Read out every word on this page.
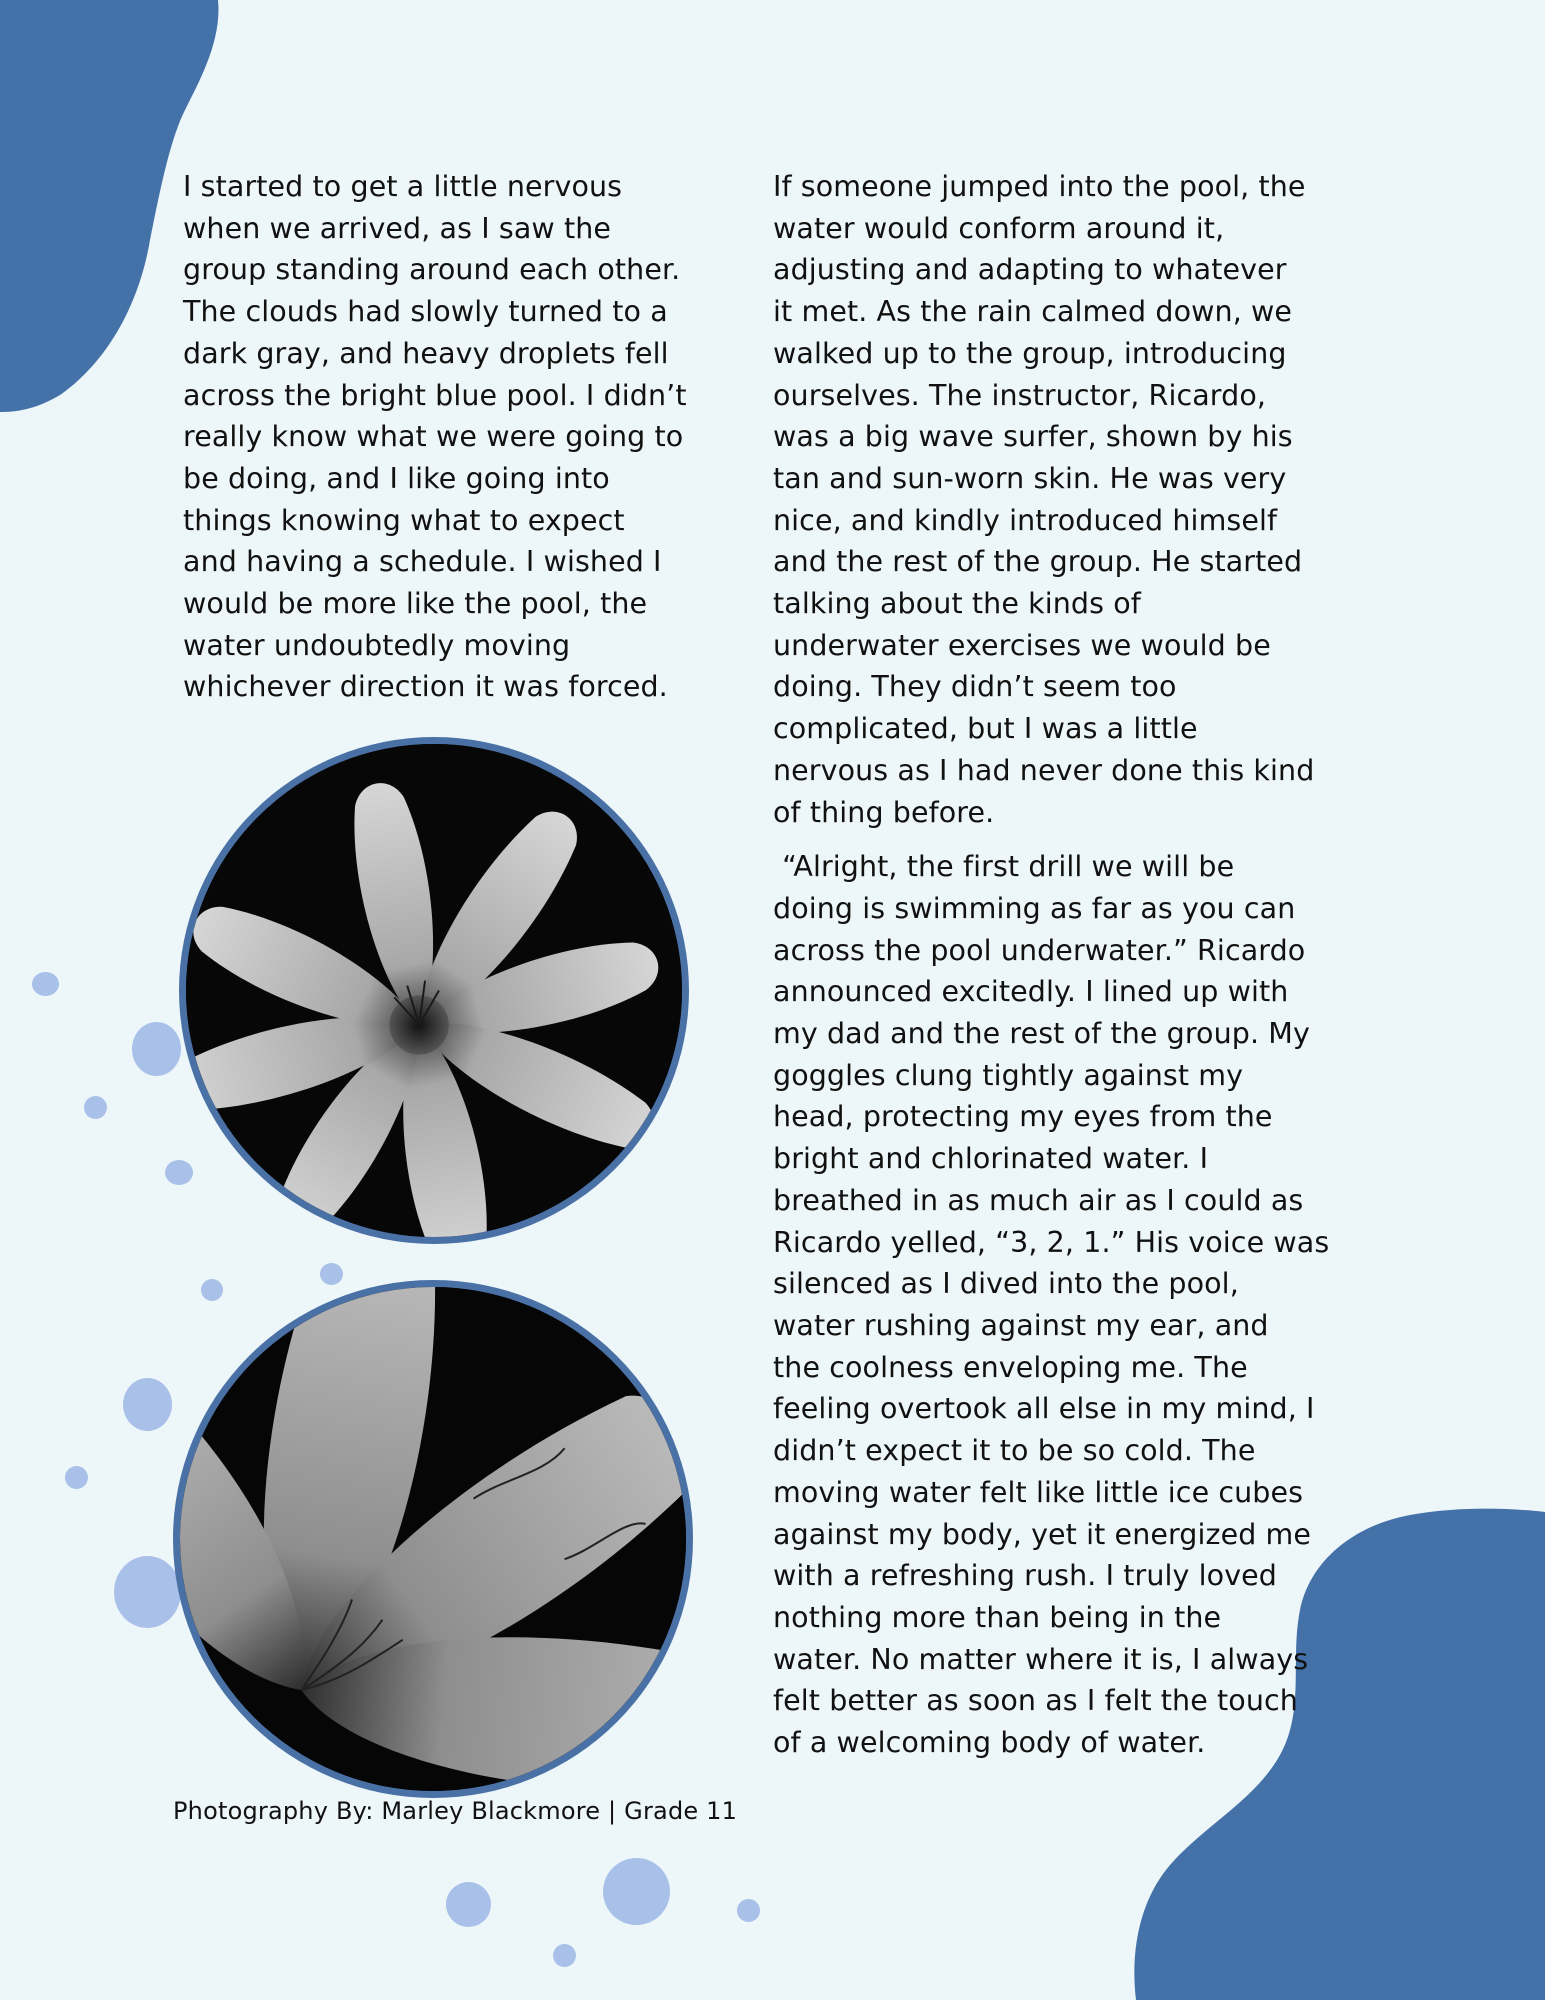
I started to get a little nervous
when we arrived, as I saw the
group standing around each other.
The clouds had slowly turned to a
dark gray, and heavy droplets fell
across the bright blue pool. I didn’t
really know what we were going to
be doing, and I like going into
things knowing what to expect
and having a schedule. I wished I
would be more like the pool, the
water undoubtedly moving
whichever direction it was forced.

If someone jumped into the pool, the
water would conform around it,
adjusting and adapting to whatever
it met. As the rain calmed down, we
walked up to the group, introducing
ourselves. The instructor, Ricardo,
was a big wave surfer, shown by his
tan and sun-worn skin. He was very
nice, and kindly introduced himself
and the rest of the group. He started
talking about the kinds of
underwater exercises we would be
doing. They didn’t seem too
complicated, but I was a little
nervous as I had never done this kind
of thing before.

“Alright, the first drill we will be
doing is swimming as far as you can
across the pool underwater.” Ricardo
announced excitedly. I lined up with
my dad and the rest of the group. My
goggles clung tightly against my
head, protecting my eyes from the
bright and chlorinated water. I
breathed in as much air as I could as
Ricardo yelled, “3, 2, 1.” His voice was
silenced as I dived into the pool,
water rushing against my ear, and
the coolness enveloping me. The
feeling overtook all else in my mind, I
didn’t expect it to be so cold. The
moving water felt like little ice cubes
against my body, yet it energized me
with a refreshing rush. I truly loved
nothing more than being in the
water. No matter where it is, I always
felt better as soon as I felt the touch
of a welcoming body of water.

Photography By: Marley Blackmore | Grade 11
